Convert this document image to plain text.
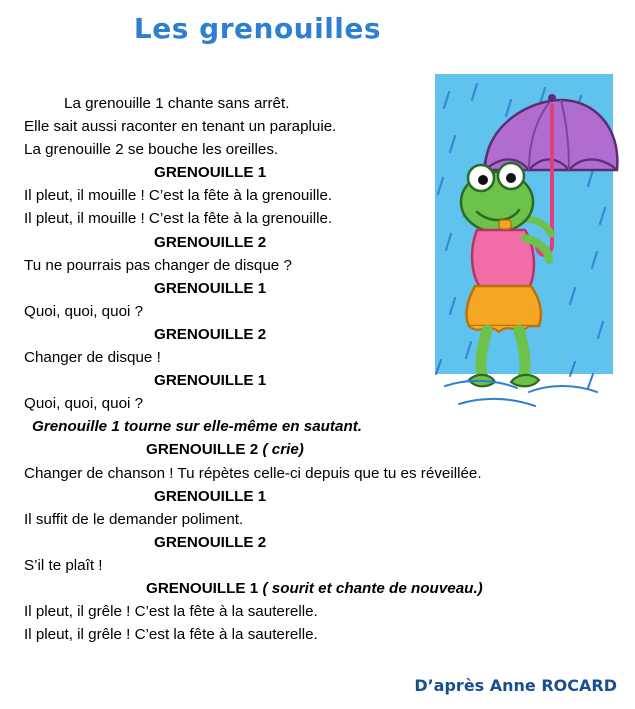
Les grenouilles
La grenouille 1 chante sans arrêt.
Elle sait aussi raconter en tenant un parapluie.
La grenouille 2 se bouche les oreilles.
GRENOUILLE 1
Il pleut, il mouille ! C’est la fête à la grenouille.
Il pleut, il mouille ! C’est la fête à la grenouille.
GRENOUILLE 2
Tu ne pourrais pas changer de disque ?
GRENOUILLE 1
Quoi, quoi, quoi ?
GRENOUILLE 2
Changer de disque !
GRENOUILLE 1
Quoi, quoi, quoi ?
Grenouille 1 tourne sur elle-même en sautant.
GRENOUILLE 2 ( crie)
Changer de chanson ! Tu répètes celle-ci depuis que tu es réveillée.
GRENOUILLE 1
Il suffit de le demander poliment.
GRENOUILLE 2
S’il te plaît !
GRENOUILLE 1 ( sourit et chante de nouveau.)
Il pleut, il grêle ! C’est la fête à la sauterelle.
Il pleut, il grêle ! C’est la fête à la sauterelle.
D’après Anne ROCARD
